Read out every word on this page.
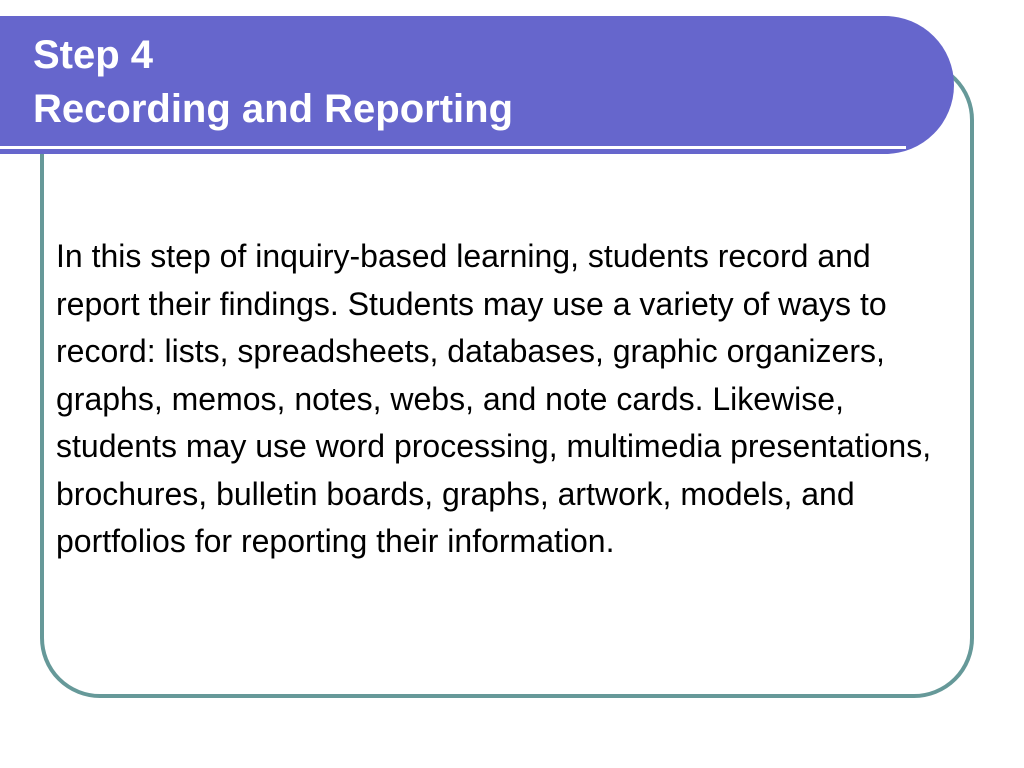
Step 4
Recording and Reporting

In this step of inquiry-based learning, students record and report their findings. Students may use a variety of ways to record: lists, spreadsheets, databases, graphic organizers, graphs, memos, notes, webs, and note cards. Likewise, students may use word processing, multimedia presentations, brochures, bulletin boards, graphs, artwork, models, and portfolios for reporting their information.
